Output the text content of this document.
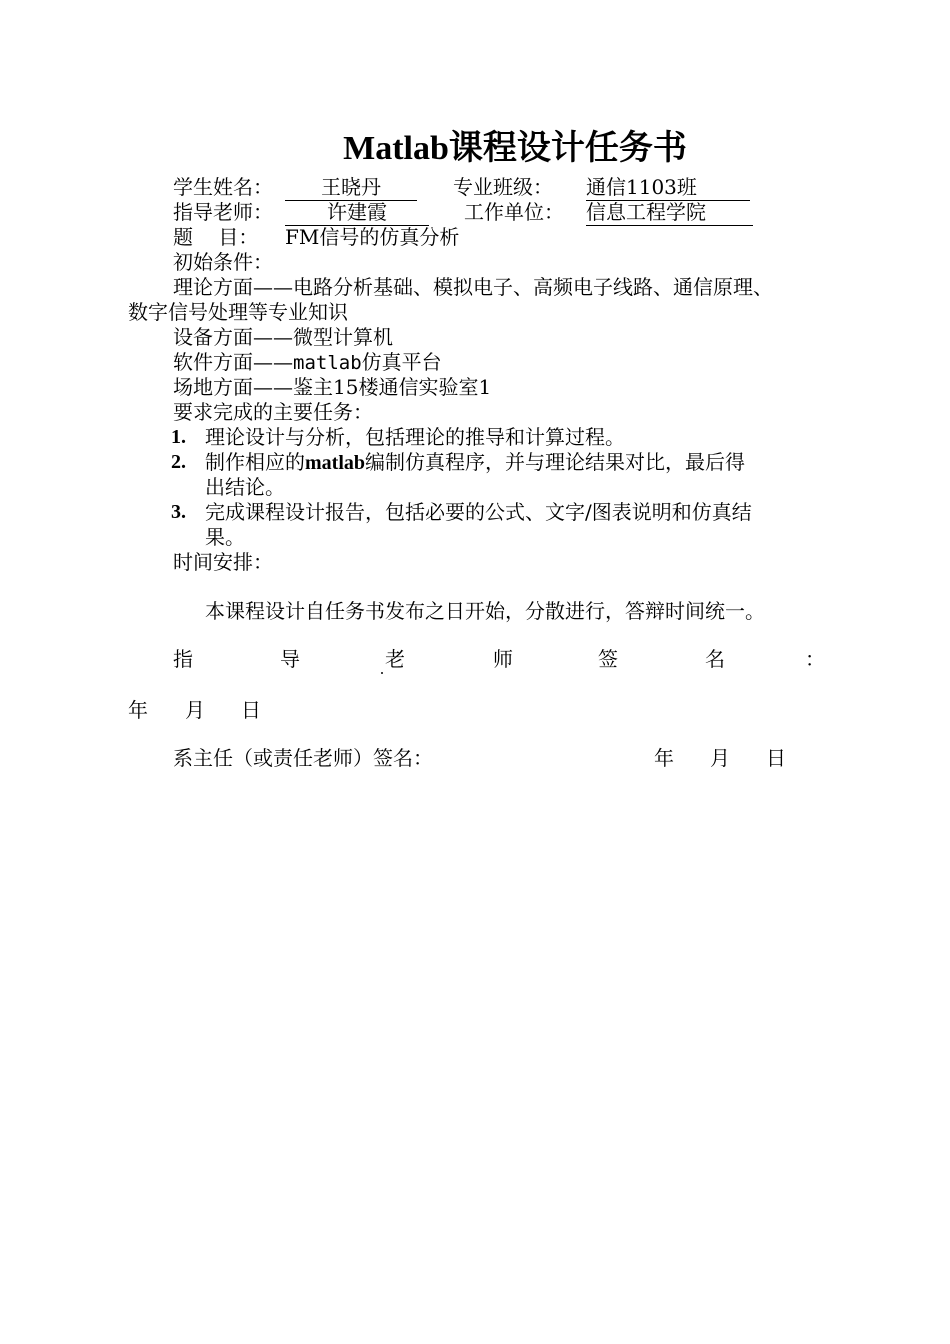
Matlab课程设计任务书
学生姓名：	王晓丹	专业班级： 通信1103班
指导老师：	许建霞	工作单位： 信息工程学院
题    目： FM信号的仿真分析
初始条件：
理论方面——电路分析基础、模拟电子、高频电子线路、通信原理、
数字信号处理等专业知识
设备方面——微型计算机
软件方面——matlab仿真平台
场地方面——鉴主15楼通信实验室1
要求完成的主要任务：
1. 理论设计与分析，包括理论的推导和计算过程。
2. 制作相应的matlab编制仿真程序，并与理论结果对比，最后得
出结论。
3. 完成课程设计报告，包括必要的公式、文字/图表说明和仿真结
果。
时间安排：
本课程设计自任务书发布之日开始，分散进行，答辩时间统一。
指	导	老	师	签	名	：
年 月 日
系主任（或责任老师）签名：	年 月 日
